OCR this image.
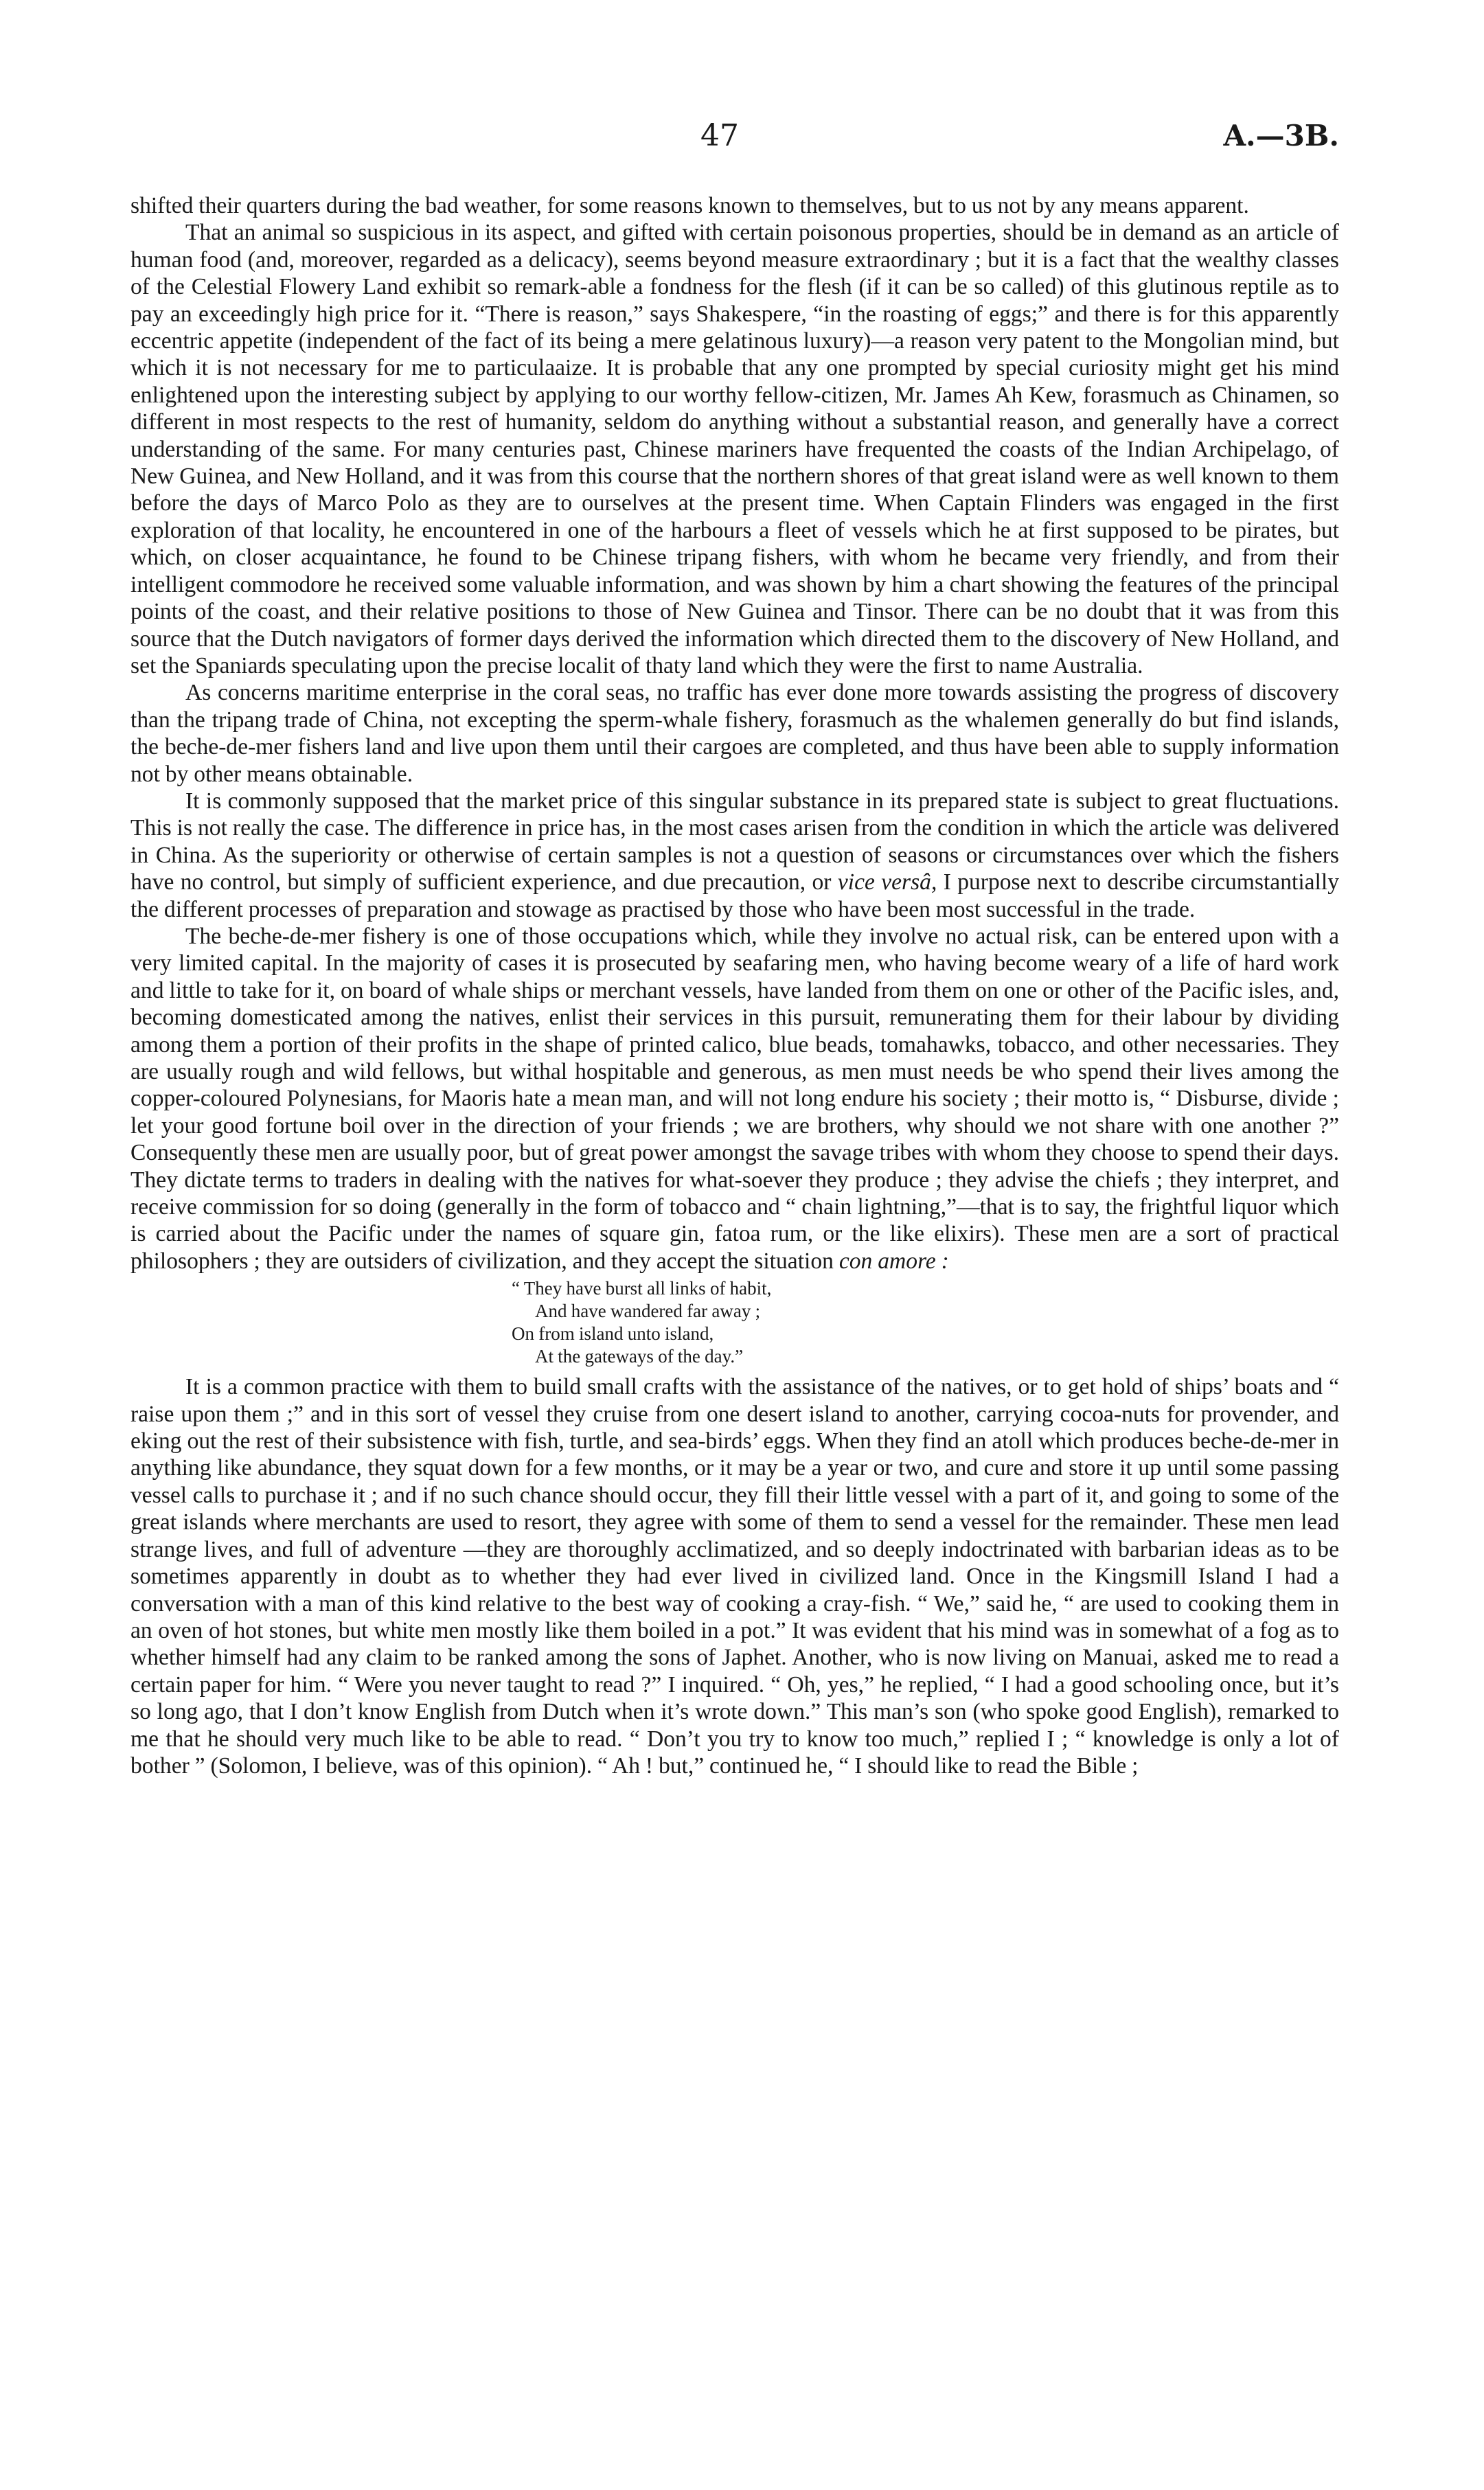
47	A.—3B.

shifted their quarters during the bad weather, for some reasons known to themselves, but to us not by any means apparent.

That an animal so suspicious in its aspect, and gifted with certain poisonous properties, should be in demand as an article of human food (and, moreover, regarded as a delicacy), seems beyond measure extraordinary ; but it is a fact that the wealthy classes of the Celestial Flowery Land exhibit so remark-able a fondness for the flesh (if it can be so called) of this glutinous reptile as to pay an exceedingly high price for it. “There is reason,” says Shakespere, “in the roasting of eggs;” and there is for this apparently eccentric appetite (independent of the fact of its being a mere gelatinous luxury)—a reason very patent to the Mongolian mind, but which it is not necessary for me to particulaaize. It is probable that any one prompted by special curiosity might get his mind enlightened upon the interesting subject by applying to our worthy fellow-citizen, Mr. James Ah Kew, forasmuch as Chinamen, so different in most respects to the rest of humanity, seldom do anything without a substantial reason, and generally have a correct understanding of the same. For many centuries past, Chinese mariners have frequented the coasts of the Indian Archipelago, of New Guinea, and New Holland, and it was from this course that the northern shores of that great island were as well known to them before the days of Marco Polo as they are to ourselves at the present time. When Captain Flinders was engaged in the first exploration of that locality, he encountered in one of the harbours a fleet of vessels which he at first supposed to be pirates, but which, on closer acquaintance, he found to be Chinese tripang fishers, with whom he became very friendly, and from their intelligent commodore he received some valuable information, and was shown by him a chart showing the features of the principal points of the coast, and their relative positions to those of New Guinea and Tinsor. There can be no doubt that it was from this source that the Dutch navigators of former days derived the information which directed them to the discovery of New Holland, and set the Spaniards speculating upon the precise localit of thaty land which they were the first to name Australia.

As concerns maritime enterprise in the coral seas, no traffic has ever done more towards assisting the progress of discovery than the tripang trade of China, not excepting the sperm-whale fishery, forasmuch as the whalemen generally do but find islands, the beche-de-mer fishers land and live upon them until their cargoes are completed, and thus have been able to supply information not by other means obtainable.

It is commonly supposed that the market price of this singular substance in its prepared state is subject to great fluctuations. This is not really the case. The difference in price has, in the most cases arisen from the condition in which the article was delivered in China. As the superiority or otherwise of certain samples is not a question of seasons or circumstances over which the fishers have no control, but simply of sufficient experience, and due precaution, or vice versâ, I purpose next to describe circumstantially the different processes of preparation and stowage as practised by those who have been most successful in the trade.

The beche-de-mer fishery is one of those occupations which, while they involve no actual risk, can be entered upon with a very limited capital. In the majority of cases it is prosecuted by seafaring men, who having become weary of a life of hard work and little to take for it, on board of whale ships or merchant vessels, have landed from them on one or other of the Pacific isles, and, becoming domesticated among the natives, enlist their services in this pursuit, remunerating them for their labour by dividing among them a portion of their profits in the shape of printed calico, blue beads, tomahawks, tobacco, and other necessaries. They are usually rough and wild fellows, but withal hospitable and generous, as men must needs be who spend their lives among the copper-coloured Polynesians, for Maoris hate a mean man, and will not long endure his society ; their motto is, “ Disburse, divide ; let your good fortune boil over in the direction of your friends ; we are brothers, why should we not share with one another ?” Consequently these men are usually poor, but of great power amongst the savage tribes with whom they choose to spend their days. They dictate terms to traders in dealing with the natives for what-soever they produce ; they advise the chiefs ; they interpret, and receive commission for so doing (generally in the form of tobacco and “ chain lightning,”—that is to say, the frightful liquor which is carried about the Pacific under the names of square gin, fatoa rum, or the like elixirs). These men are a sort of practical philosophers ; they are outsiders of civilization, and they accept the situation con amore :

“ They have burst all links of habit,
And have wandered far away ;
On from island unto island,
At the gateways of the day.”

It is a common practice with them to build small crafts with the assistance of the natives, or to get hold of ships’ boats and “ raise upon them ;” and in this sort of vessel they cruise from one desert island to another, carrying cocoa-nuts for provender, and eking out the rest of their subsistence with fish, turtle, and sea-birds’ eggs. When they find an atoll which produces beche-de-mer in anything like abundance, they squat down for a few months, or it may be a year or two, and cure and store it up until some passing vessel calls to purchase it ; and if no such chance should occur, they fill their little vessel with a part of it, and going to some of the great islands where merchants are used to resort, they agree with some of them to send a vessel for the remainder. These men lead strange lives, and full of adventure —they are thoroughly acclimatized, and so deeply indoctrinated with barbarian ideas as to be sometimes apparently in doubt as to whether they had ever lived in civilized land. Once in the Kingsmill Island I had a conversation with a man of this kind relative to the best way of cooking a cray-fish. “ We,” said he, “ are used to cooking them in an oven of hot stones, but white men mostly like them boiled in a pot.” It was evident that his mind was in somewhat of a fog as to whether himself had any claim to be ranked among the sons of Japhet. Another, who is now living on Manuai, asked me to read a certain paper for him. “ Were you never taught to read ?” I inquired. “ Oh, yes,” he replied, “ I had a good schooling once, but it’s so long ago, that I don’t know English from Dutch when it’s wrote down.” This man’s son (who spoke good English), remarked to me that he should very much like to be able to read. “ Don’t you try to know too much,” replied I ; “ knowledge is only a lot of bother ” (Solomon, I believe, was of this opinion). “ Ah ! but,” continued he, “ I should like to read the Bible ;
